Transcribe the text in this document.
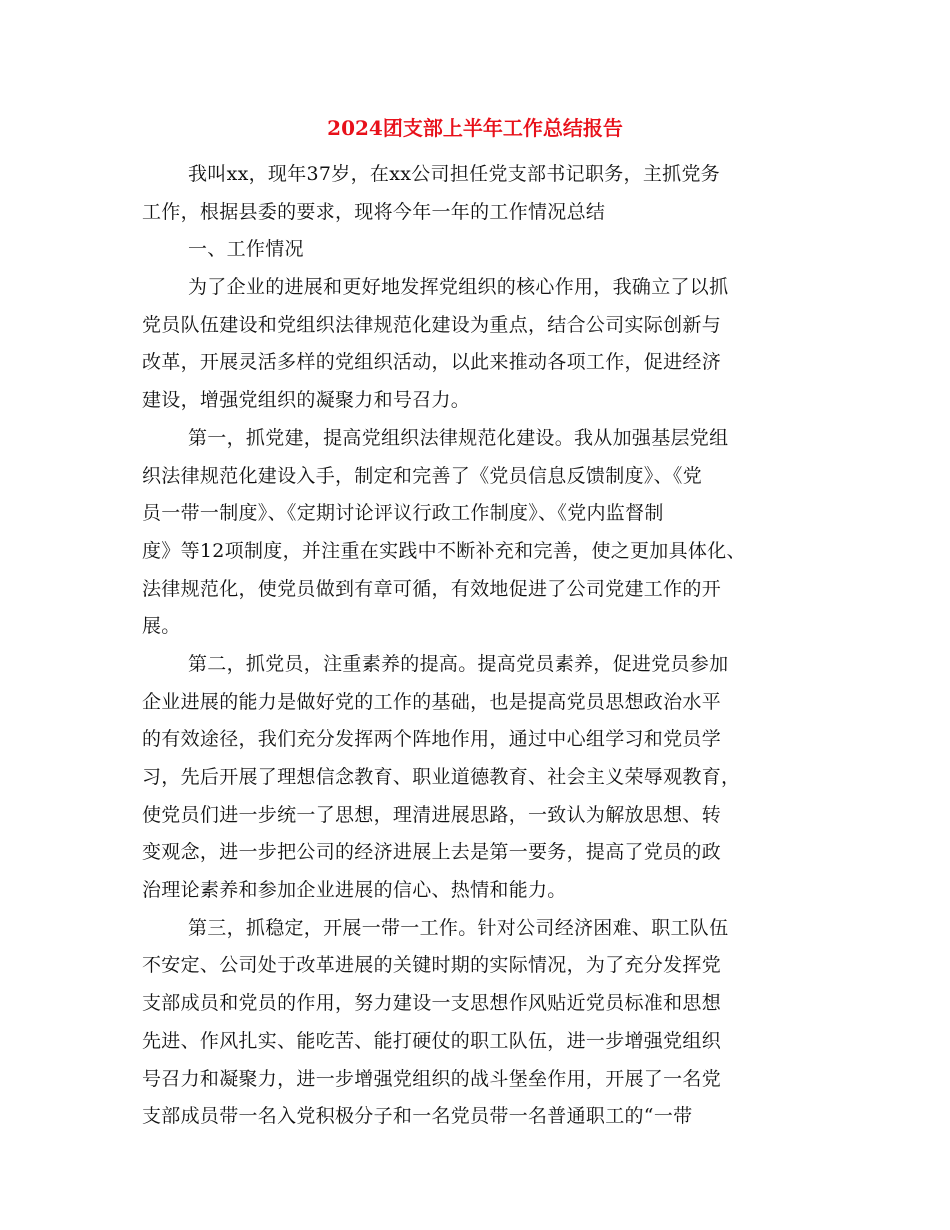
2024团支部上半年工作总结报告

我叫xx，现年37岁，在xx公司担任党支部书记职务，主抓党务

工作，根据县委的要求，现将今年一年的工作情况总结

一、工作情况

为了企业的进展和更好地发挥党组织的核心作用，我确立了以抓

党员队伍建设和党组织法律规范化建设为重点，结合公司实际创新与

改革，开展灵活多样的党组织活动，以此来推动各项工作，促进经济

建设，增强党组织的凝聚力和号召力。

第一，抓党建，提高党组织法律规范化建设。我从加强基层党组

织法律规范化建设入手，制定和完善了《党员信息反馈制度》、《党

员一带一制度》、《定期讨论评议行政工作制度》、《党内监督制

度》等12项制度，并注重在实践中不断补充和完善，使之更加具体化、

法律规范化，使党员做到有章可循，有效地促进了公司党建工作的开

展。

第二，抓党员，注重素养的提高。提高党员素养，促进党员参加

企业进展的能力是做好党的工作的基础，也是提高党员思想政治水平

的有效途径，我们充分发挥两个阵地作用，通过中心组学习和党员学

习，先后开展了理想信念教育、职业道德教育、社会主义荣辱观教育，

使党员们进一步统一了思想，理清进展思路，一致认为解放思想、转

变观念，进一步把公司的经济进展上去是第一要务，提高了党员的政

治理论素养和参加企业进展的信心、热情和能力。

第三，抓稳定，开展一带一工作。针对公司经济困难、职工队伍

不安定、公司处于改革进展的关键时期的实际情况，为了充分发挥党

支部成员和党员的作用，努力建设一支思想作风贴近党员标准和思想

先进、作风扎实、能吃苦、能打硬仗的职工队伍，进一步增强党组织

号召力和凝聚力，进一步增强党组织的战斗堡垒作用，开展了一名党

支部成员带一名入党积极分子和一名党员带一名普通职工的“一带
